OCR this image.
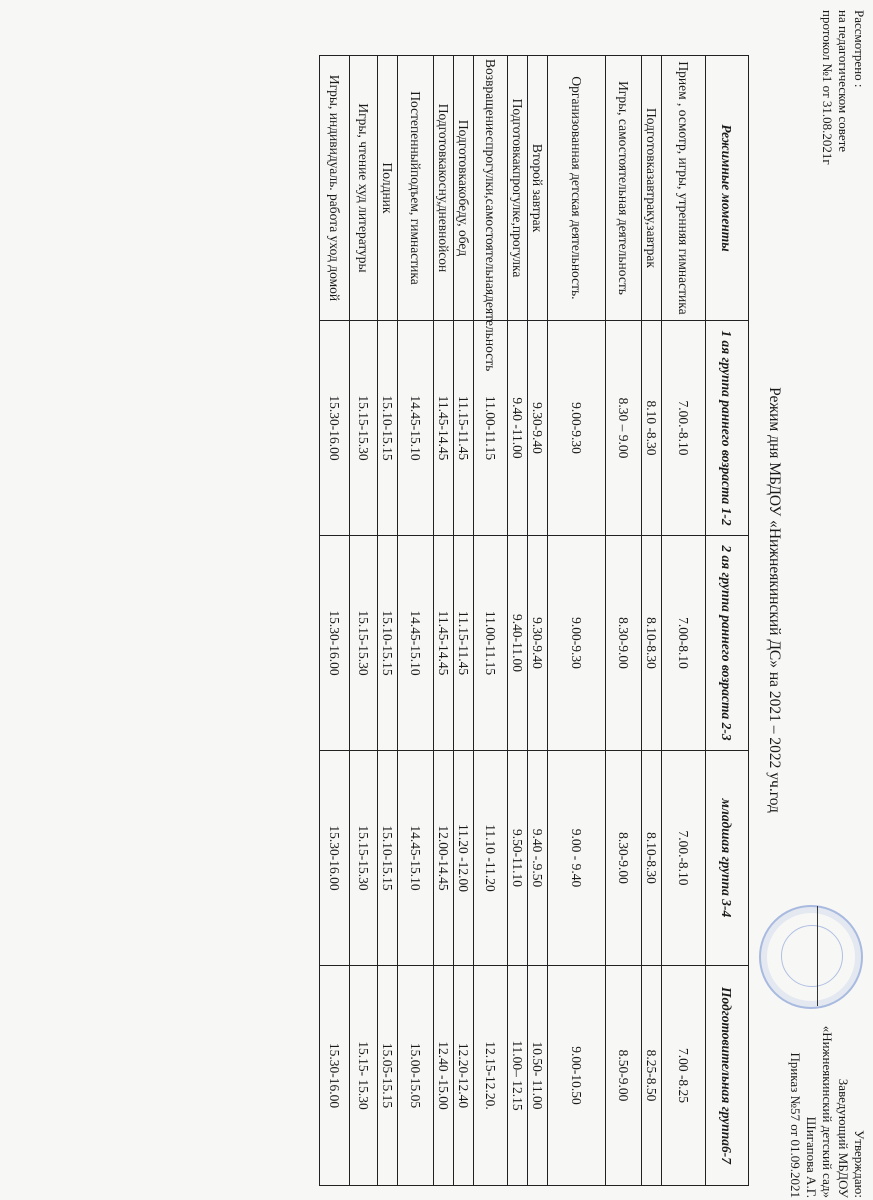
Рассмотрено :
на педагогическом совете
протокол №1 от 31.08.2021г
Утверждаю:
Заведующий МБДОУ
«Нижнеякинский детский сад»
Шигапова А.Г.
Приказ №57 от 01.09.2021
Режим дня МБДОУ «Нижнеякинский ДС» на 2021 – 2022 уч.год
Режимные моменты	1 ая группа раннего возраста 1-2	2 ая группа раннего возраста 2-3	младшая группа 3-4	Подготовительная группа6-7
Прием , осмотр, игры, утренняя гимнастика	7.00.-8.10	7.00-8.10	7.00.-8.10	7.00 -8.25
Подготовказавтраку,завтрак	8.10 -8.30	8.10-8.30	8.10-8.30	8.25-8.50
Игры, самостоятельная деятельность	8.30 – 9.00	8.30-9.00	8.30-9.00	8.50-9.00
Организованная детская деятельность.	9.00-9.30	9.00-9.30	9.00 - 9.40	9.00-10.50
Второй завтрак	9.30-9.40	9.30-9.40	9.40 -.9.50	10.50- 11.00
Подготовкакпрогулке,прогулка	9.40 -11.00	9.40-11.00	9.50-11.10	11.00– 12.15
Возвращениеспрогулки,самостоятельнаядеятельность	11.00-11.15	11.00-11.15	11.10 -11.20	12.15-12.20.
Подготовкакобеду, обед	11.15-11.45	11.15-11.45	11.20 -12.00	12.20-12.40
Подготовкакосну,дневнойсон	11.45-14.45	11.45-14.45	12.00-14.45	12.40 -15.00
Постепенныйподъем, гимнастика	14.45-15.10	14.45-15.10	14.45-15.10	15.00-15.05
Полдник	15.10-15.15	15.10-15.15	15.10-15.15	15.05-15.15
Игры, чтение худ литературы	15.15-15.30	15.15-15.30	15.15-15.30	15.15- 15.30
Игры, индивидуаль. работа уход домой	15.30-16.00	15.30-16.00	15.30-16.00	15.30-16.00
